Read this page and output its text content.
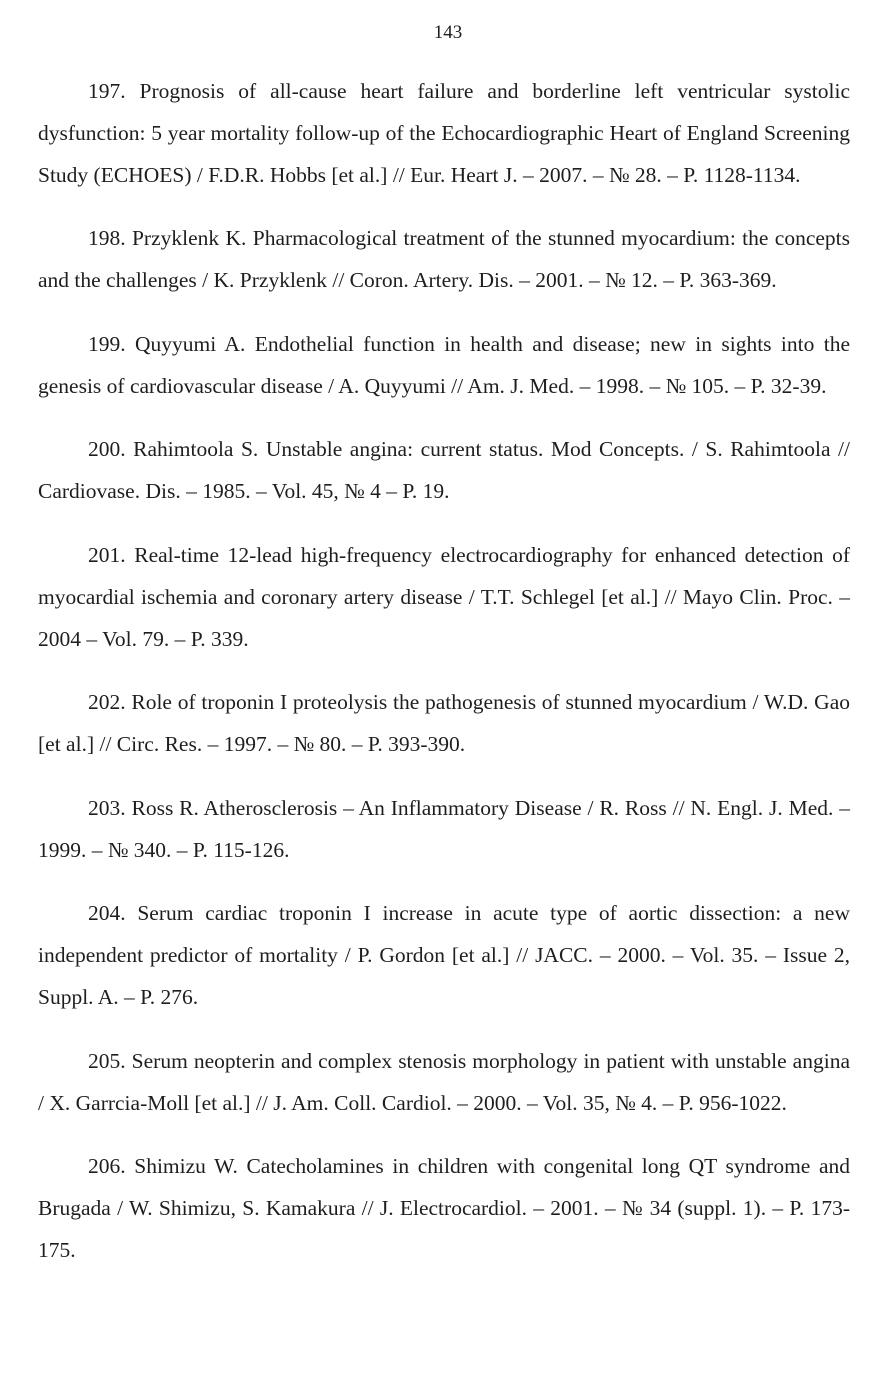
143

197. Prognosis of all-cause heart failure and borderline left ventricular systolic dysfunction: 5 year mortality follow-up of the Echocardiographic Heart of England Screening Study (ECHOES) / F.D.R. Hobbs [et al.] // Eur. Heart J. – 2007. – № 28. – P. 1128-1134.

198. Przyklenk K. Pharmacological treatment of the stunned myocardium: the concepts and the challenges / K. Przyklenk // Coron. Artery. Dis. – 2001. – № 12. – P. 363-369.

199. Quyyumi A. Endothelial function in health and disease; new in sights into the genesis of cardiovascular disease / A. Quyyumi // Am. J. Med. – 1998. – № 105. – P. 32-39.

200. Rahimtoola S. Unstable angina: current status. Mod Concepts. / S. Rahimtoola // Cardiovase. Dis. – 1985. – Vol. 45, № 4 – P. 19.

201. Real-time 12-lead high-frequency electrocardiography for enhanced detection of myocardial ischemia and coronary artery disease / T.T. Schlegel [et al.] // Mayo Clin. Proc. – 2004 – Vol. 79. – P. 339.

202. Role of troponin I proteolysis the pathogenesis of stunned myocardium / W.D. Gao [et al.] // Circ. Res. – 1997. – № 80. – P. 393-390.

203. Ross R. Atherosclerosis – An Inflammatory Disease / R. Ross // N. Engl. J. Med. – 1999. – № 340. – P. 115-126.

204. Serum cardiac troponin I increase in acute type of aortic dissection: a new independent predictor of mortality / P. Gordon [et al.] // JACC. – 2000. – Vol. 35. – Issue 2, Suppl. A. – P. 276.

205. Serum neopterin and complex stenosis morphology in patient with unstable angina / X. Garrcia-Moll [et al.] // J. Am. Coll. Cardiol. – 2000. – Vol. 35, № 4. – P. 956-1022.

206. Shimizu W. Catecholamines in children with congenital long QT syndrome and Brugada / W. Shimizu, S. Kamakura // J. Electrocardiol. – 2001. – № 34 (suppl. 1). – P. 173-175.
